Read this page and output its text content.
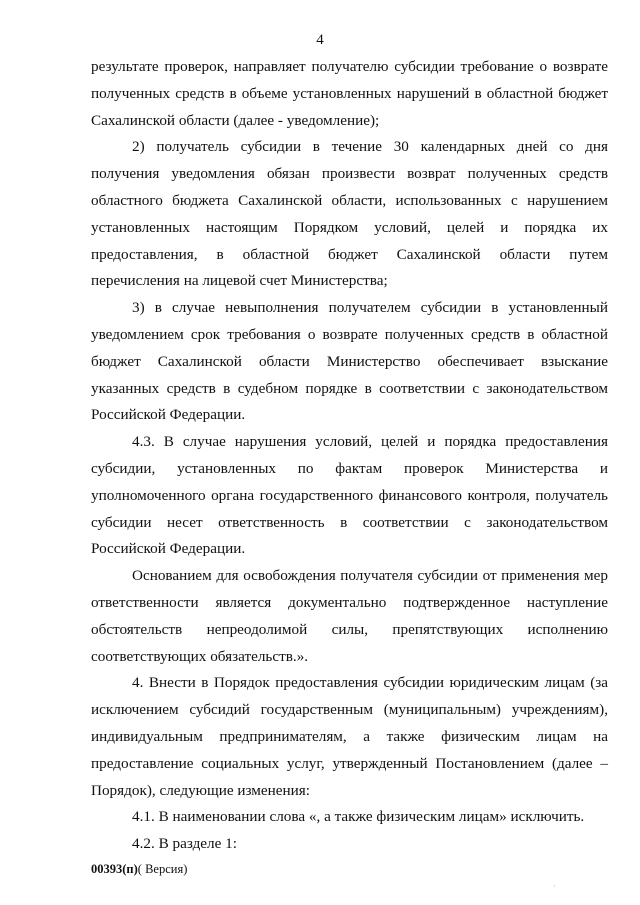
4

результате проверок, направляет получателю субсидии требование о возврате полученных средств в объеме установленных нарушений в областной бюджет Сахалинской области (далее - уведомление);

2) получатель субсидии в течение 30 календарных дней со дня получения уведомления обязан произвести возврат полученных средств областного бюджета Сахалинской области, использованных с нарушением установленных настоящим Порядком условий, целей и порядка их предоставления, в областной бюджет Сахалинской области путем перечисления на лицевой счет Министерства;

3) в случае невыполнения получателем субсидии в установленный уведомлением срок требования о возврате полученных средств в областной бюджет Сахалинской области Министерство обеспечивает взыскание указанных средств в судебном порядке в соответствии с законодательством Российской Федерации.

4.3. В случае нарушения условий, целей и порядка предоставления субсидии, установленных по фактам проверок Министерства и уполномоченного органа государственного финансового контроля, получатель субсидии несет ответственность в соответствии с законодательством Российской Федерации.

Основанием для освобождения получателя субсидии от применения мер ответственности является документально подтвержденное наступление обстоятельств непреодолимой силы, препятствующих исполнению соответствующих обязательств.».

4. Внести в Порядок предоставления субсидии юридическим лицам (за исключением субсидий государственным (муниципальным) учреждениям), индивидуальным предпринимателям, а также физическим лицам на предоставление социальных услуг, утвержденный Постановлением (далее – Порядок), следующие изменения:

4.1. В наименовании слова «, а также физическим лицам» исключить.

4.2. В разделе 1:

00393(п)( Версия)
·
